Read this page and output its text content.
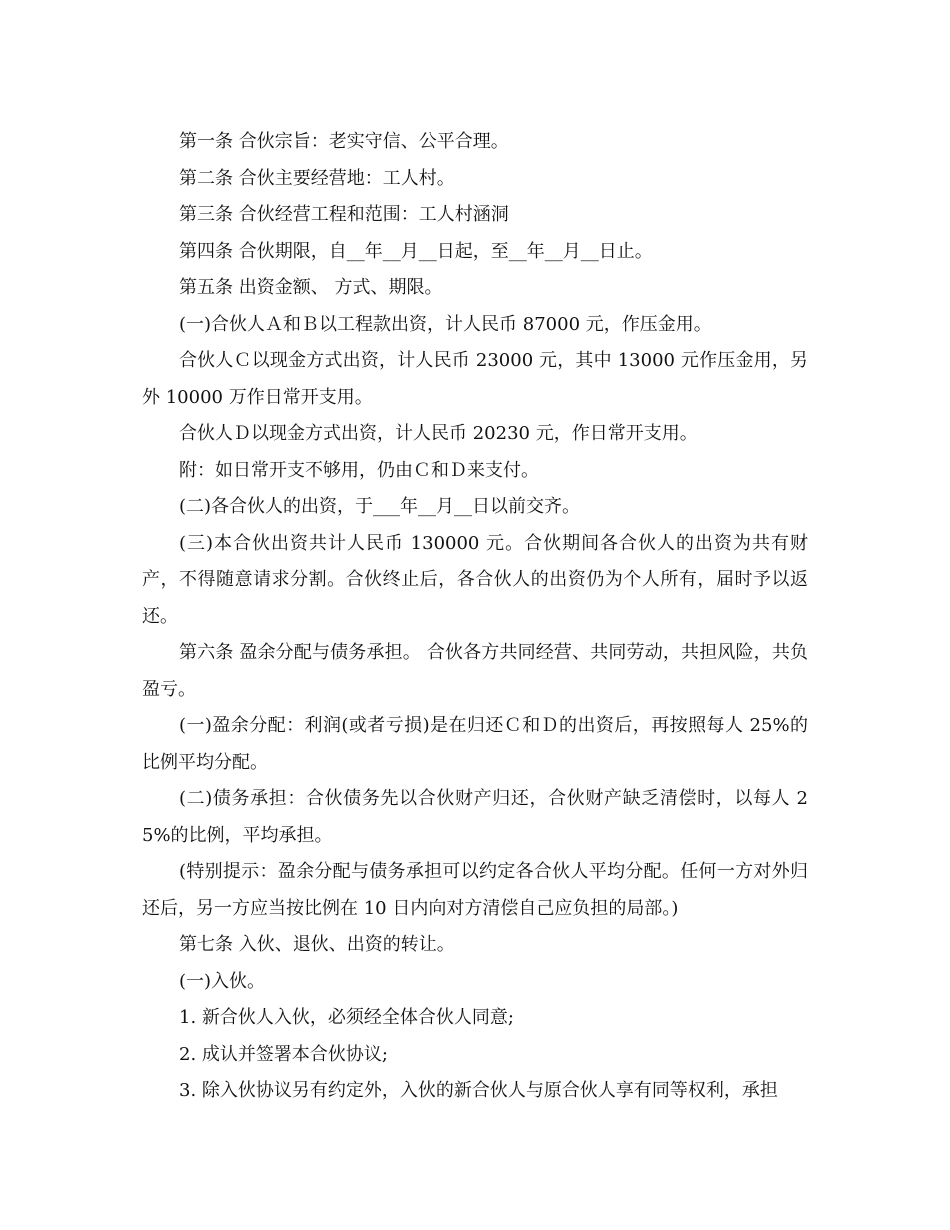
第一条 合伙宗旨：老实守信、公平合理。

第二条 合伙主要经营地：工人村。

第三条 合伙经营工程和范围：工人村涵洞

第四条 合伙期限，自__年__月__日起，至__年__月__日止。

第五条 出资金额、 方式、期限。

(一)合伙人Ａ和Ｂ以工程款出资，计人民币 87000 元，作压金用。

合伙人Ｃ以现金方式出资，计人民币 23000 元，其中 13000 元作压金用，另外 10000 万作日常开支用。

合伙人Ｄ以现金方式出资，计人民币 20230 元，作日常开支用。

附：如日常开支不够用，仍由Ｃ和Ｄ来支付。

(二)各合伙人的出资，于___年__月__日以前交齐。

(三)本合伙出资共计人民币 130000 元。合伙期间各合伙人的出资为共有财产，不得随意请求分割。合伙终止后，各合伙人的出资仍为个人所有，届时予以返还。

第六条 盈余分配与债务承担。 合伙各方共同经营、共同劳动，共担风险，共负盈亏。

(一)盈余分配：利润(或者亏损)是在归还Ｃ和Ｄ的出资后，再按照每人 25%的比例平均分配。

(二)债务承担：合伙债务先以合伙财产归还，合伙财产缺乏清偿时，以每人 25%的比例，平均承担。

(特别提示：盈余分配与债务承担可以约定各合伙人平均分配。任何一方对外归还后，另一方应当按比例在 10 日内向对方清偿自己应负担的局部。)

第七条 入伙、退伙、出资的转让。

(一)入伙。

1. 新合伙人入伙，必须经全体合伙人同意;

2. 成认并签署本合伙协议;

3. 除入伙协议另有约定外，入伙的新合伙人与原合伙人享有同等权利，承担
